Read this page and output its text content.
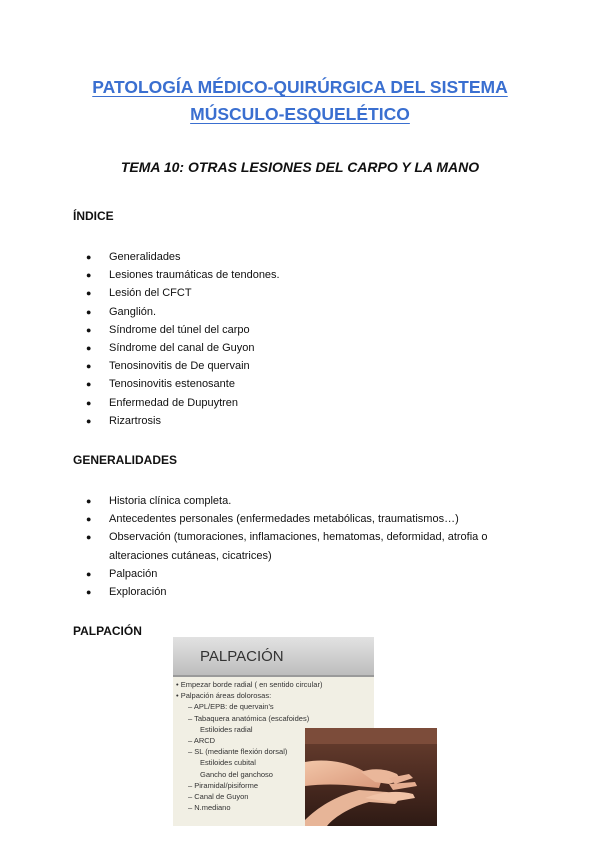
PATOLOGÍA MÉDICO-QUIRÚRGICA DEL SISTEMA
MÚSCULO-ESQUELÉTICO
TEMA 10: OTRAS LESIONES DEL CARPO Y LA MANO
ÍNDICE
● Generalidades
● Lesiones traumáticas de tendones.
● Lesión del CFCT
● Ganglión.
● Síndrome del túnel del carpo
● Síndrome del canal de Guyon
● Tenosinovitis de De quervain
● Tenosinovitis estenosante
● Enfermedad de Dupuytren
● Rizartrosis
GENERALIDADES
● Historia clínica completa.
● Antecedentes personales (enfermedades metabólicas, traumatismos…)
● Observación (tumoraciones, inflamaciones, hematomas, deformidad, atrofia o alteraciones cutáneas, cicatrices)
● Palpación
● Exploración
PALPACIÓN
PALPACIÓN
• Empezar borde radial ( en sentido circular)
• Palpación áreas dolorosas:
– APL/EPB: de quervain's
– Tabaquera anatómica (escafoides)
Estiloides radial
– ARCD
– SL (mediante flexión dorsal)
Estiloides cubital
Gancho del ganchoso
– Piramidal/pisiforme
– Canal de Guyon
– N.mediano
